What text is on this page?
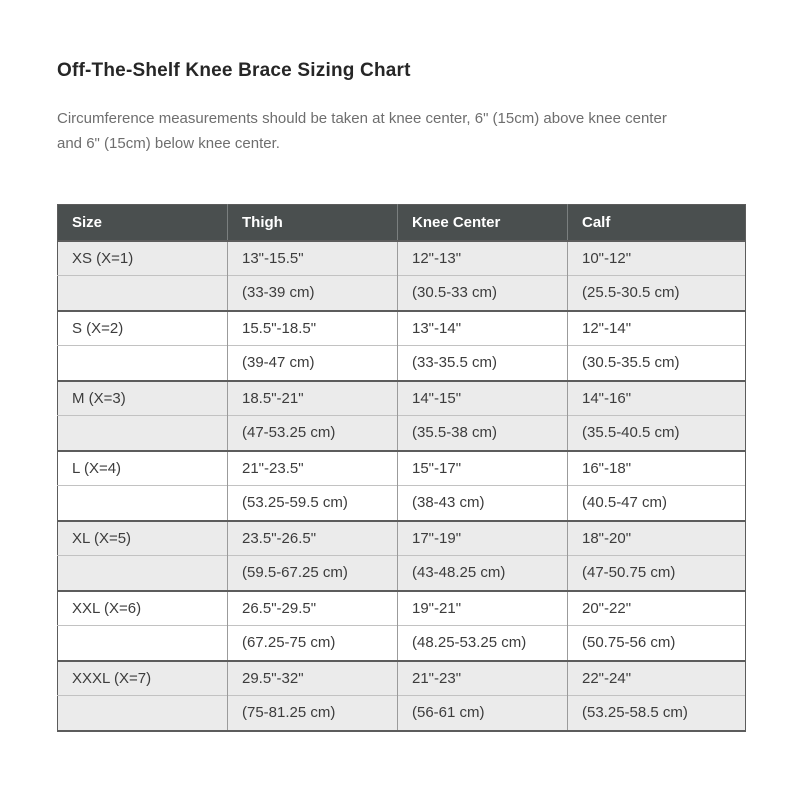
Off-The-Shelf Knee Brace Sizing Chart

Circumference measurements should be taken at knee center, 6" (15cm) above knee center and 6" (15cm) below knee center.

Size	Thigh	Knee Center	Calf
XS (X=1)	13"-15.5"	12"-13"	10"-12"
	(33-39 cm)	(30.5-33 cm)	(25.5-30.5 cm)
S (X=2)	15.5"-18.5"	13"-14"	12"-14"
	(39-47 cm)	(33-35.5 cm)	(30.5-35.5 cm)
M (X=3)	18.5"-21"	14"-15"	14"-16"
	(47-53.25 cm)	(35.5-38 cm)	(35.5-40.5 cm)
L (X=4)	21"-23.5"	15"-17"	16"-18"
	(53.25-59.5 cm)	(38-43 cm)	(40.5-47 cm)
XL (X=5)	23.5"-26.5"	17"-19"	18"-20"
	(59.5-67.25 cm)	(43-48.25 cm)	(47-50.75 cm)
XXL (X=6)	26.5"-29.5"	19"-21"	20"-22"
	(67.25-75 cm)	(48.25-53.25 cm)	(50.75-56 cm)
XXXL (X=7)	29.5"-32"	21"-23"	22"-24"
	(75-81.25 cm)	(56-61 cm)	(53.25-58.5 cm)
